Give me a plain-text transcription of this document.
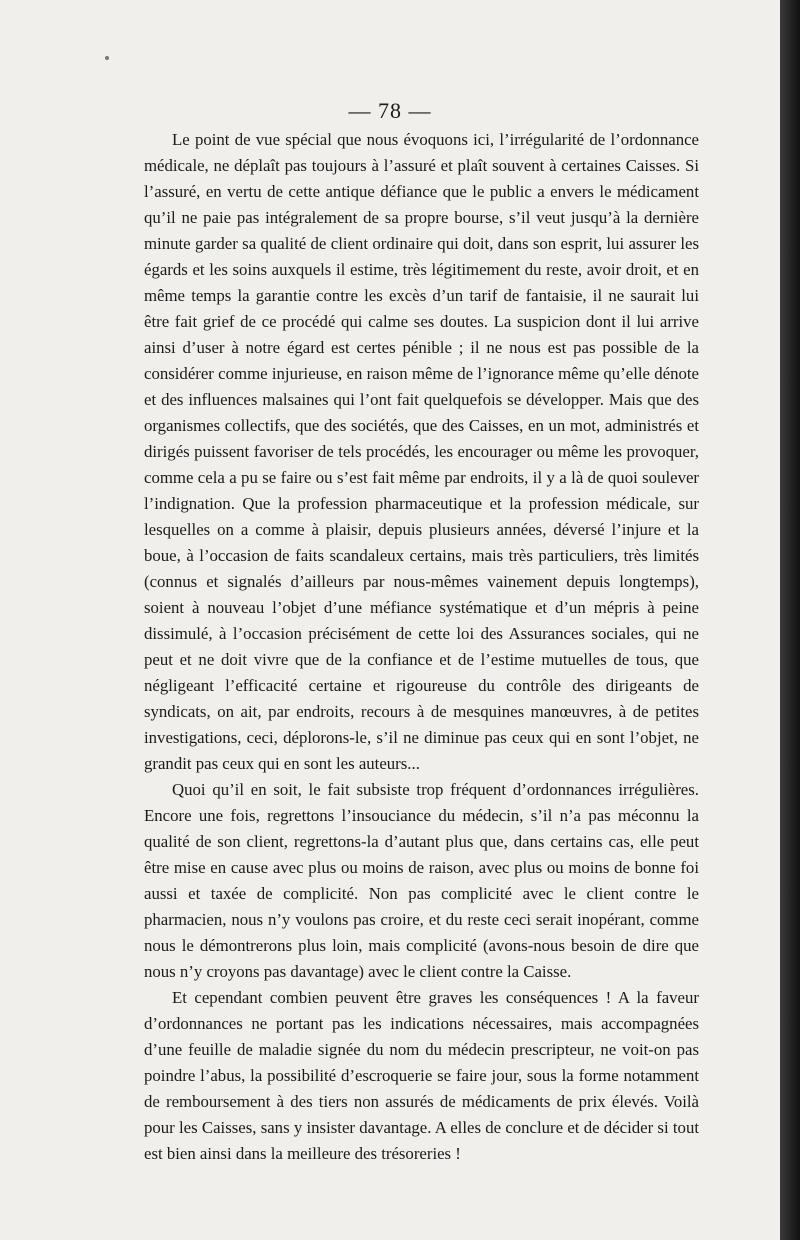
— 78 —

Le point de vue spécial que nous évoquons ici, l’irrégularité de l’ordonnance médicale, ne déplaît pas toujours à l’assuré et plaît souvent à certaines Caisses. Si l’assuré, en vertu de cette antique défiance que le public a envers le médicament qu’il ne paie pas intégralement de sa propre bourse, s’il veut jusqu’à la dernière minute garder sa qualité de client ordinaire qui doit, dans son esprit, lui assurer les égards et les soins auxquels il estime, très légitimement du reste, avoir droit, et en même temps la garantie contre les excès d’un tarif de fantaisie, il ne saurait lui être fait grief de ce procédé qui calme ses doutes. La suspicion dont il lui arrive ainsi d’user à notre égard est certes pénible ; il ne nous est pas possible de la considérer comme injurieuse, en raison même de l’ignorance même qu’elle dénote et des influences malsaines qui l’ont fait quelquefois se développer. Mais que des organismes collectifs, que des sociétés, que des Caisses, en un mot, administrés et dirigés puissent favoriser de tels procédés, les encourager ou même les provoquer, comme cela a pu se faire ou s’est fait même par endroits, il y a là de quoi soulever l’indignation. Que la profession pharmaceutique et la profession médicale, sur lesquelles on a comme à plaisir, depuis plusieurs années, déversé l’injure et la boue, à l’occasion de faits scandaleux certains, mais très particuliers, très limités (connus et signalés d’ailleurs par nous-mêmes vainement depuis longtemps), soient à nouveau l’objet d’une méfiance systématique et d’un mépris à peine dissimulé, à l’occasion précisément de cette loi des Assurances sociales, qui ne peut et ne doit vivre que de la confiance et de l’estime mutuelles de tous, que négligeant l’efficacité certaine et rigoureuse du contrôle des dirigeants de syndicats, on ait, par endroits, recours à de mesquines manœuvres, à de petites investigations, ceci, déplorons-le, s’il ne diminue pas ceux qui en sont l’objet, ne grandit pas ceux qui en sont les auteurs...

Quoi qu’il en soit, le fait subsiste trop fréquent d’ordonnances irrégulières. Encore une fois, regrettons l’insouciance du médecin, s’il n’a pas méconnu la qualité de son client, regrettons-la d’autant plus que, dans certains cas, elle peut être mise en cause avec plus ou moins de raison, avec plus ou moins de bonne foi aussi et taxée de complicité. Non pas complicité avec le client contre le pharmacien, nous n’y voulons pas croire, et du reste ceci serait inopérant, comme nous le démontrerons plus loin, mais complicité (avons-nous besoin de dire que nous n’y croyons pas davantage) avec le client contre la Caisse.

Et cependant combien peuvent être graves les conséquences ! A la faveur d’ordonnances ne portant pas les indications nécessaires, mais accompagnées d’une feuille de maladie signée du nom du médecin prescripteur, ne voit-on pas poindre l’abus, la possibilité d’escroquerie se faire jour, sous la forme notamment de remboursement à des tiers non assurés de médicaments de prix élevés. Voilà pour les Caisses, sans y insister davantage. A elles de conclure et de décider si tout est bien ainsi dans la meilleure des trésoreries !
